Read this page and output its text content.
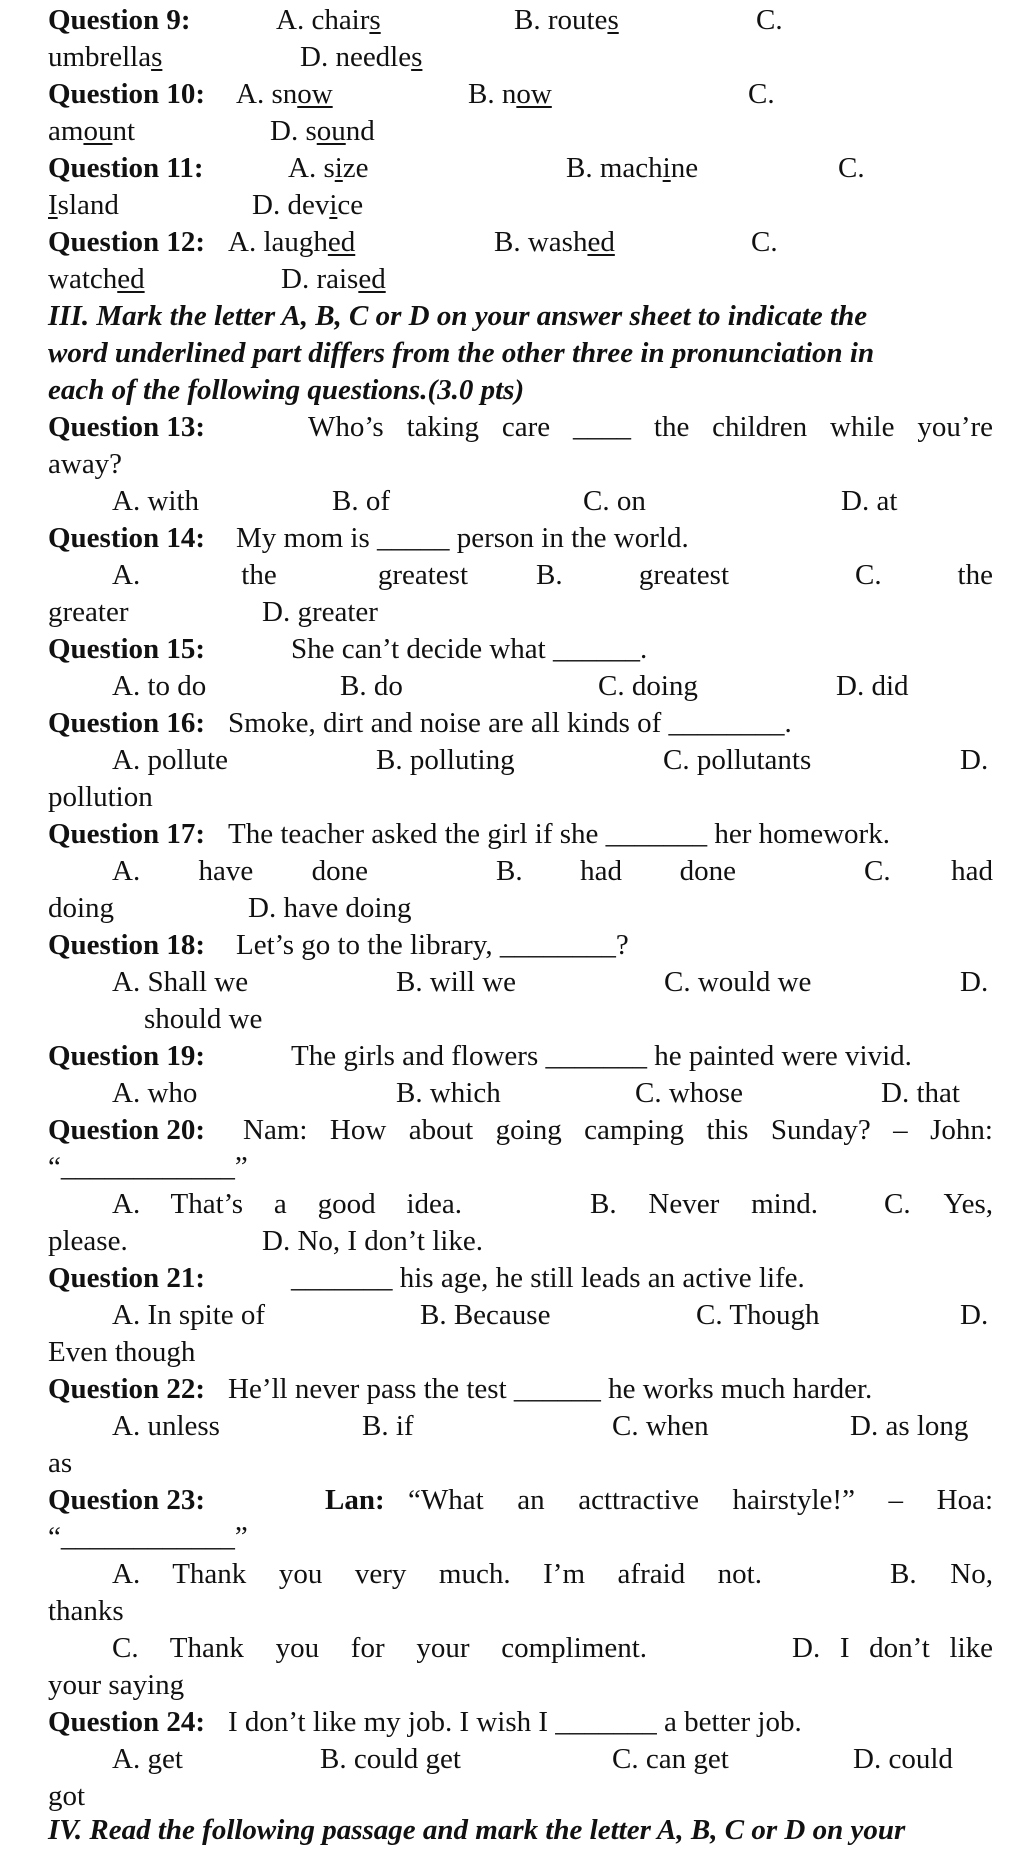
Question 9:	A. chairs	B. routes	C.
umbrellas	D. needles
Question 10: A. snow	B. now	C.
amount	D. sound
Question 11:	A. size	B. machine	C.
Island	D. device
Question 12: A. laughed	B. washed	C.
watched	D. raised
III. Mark the letter A, B, C or D on your answer sheet to indicate the
word underlined part differs from the other three in pronunciation in
each of the following questions.(3.0 pts)
Question 13:	Who’s taking care ____ the children while you’re
away?
A. with	B. of	C. on	D. at
Question 14: My mom is _____ person in the world.
A. the greatest B. greatest	C. the
greater	D. greater
Question 15:	She can’t decide what ______.
A. to do	B. do	C. doing	D. did
Question 16: Smoke, dirt and noise are all kinds of ________.
A. pollute	B. polluting	C. pollutants	D.
pollution
Question 17: The teacher asked the girl if she _______ her homework.
A. have done	B. had done	C. had
doing	D. have doing
Question 18: Let’s go to the library, ________?
A. Shall we	B. will we	C. would we	D.
should we
Question 19:	The girls and flowers _______ he painted were vivid.
A. who	B. which	C. whose	D. that
Question 20: Nam: How about going camping this Sunday? – John:
“____________”
A. That’s a good idea.	B. Never mind. C. Yes,
please.	D. No, I don’t like.
Question 21:	_______ his age, he still leads an active life.
A. In spite of	B. Because	C. Though	D.
Even though
Question 22: He’ll never pass the test ______ he works much harder.
A. unless	B. if	C. when	D. as long
as
Question 23:	Lan: “What an acttractive hairstyle!” – Hoa:
“____________”
A. Thank you very much. I’m afraid not.	B. No,
thanks
C. Thank you for your compliment.	D. I don’t like
your saying
Question 24: I don’t like my job. I wish I _______ a better job.
A. get	B. could get	C. can get	D. could
got
IV. Read the following passage and mark the letter A, B, C or D on your
